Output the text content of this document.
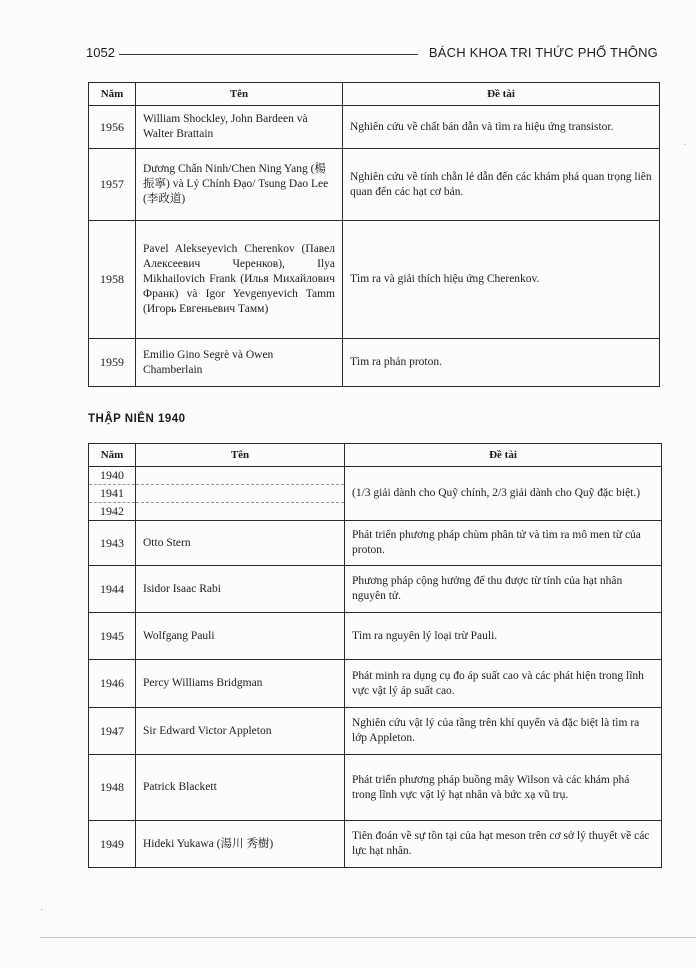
1052	BÁCH KHOA TRI THỨC PHỔ THÔNG
Năm	Tên	Đề tài
1956	William Shockley, John Bardeen và Walter Brattain	Nghiên cứu về chất bán dẫn và tìm ra hiệu ứng transistor.
1957	Dương Chấn Ninh/Chen Ning Yang (楊振寧) và Lý Chính Đạo/ Tsung Dao Lee (李政道)	Nghiên cứu về tính chẵn lẻ dẫn đến các khám phá quan trọng liên quan đến các hạt cơ bản.
1958	Pavel Alekseyevich Cherenkov (Павел Алексеевич Черенков), Ilya Mikhailovich Frank (Илья Михайлович Франк) và Igor Yevgenyevich Tamm (Игорь Евгеньевич Тамм)	Tìm ra và giải thích hiệu ứng Cherenkov.
1959	Emilio Gino Segrè và Owen Chamberlain	Tìm ra phản proton.
THẬP NIÊN 1940
Năm	Tên	Đề tài
1940		(1/3 giải dành cho Quỹ chính, 2/3 giải dành cho Quỹ đặc biệt.)
1941		
1942		
1943	Otto Stern	Phát triển phương pháp chùm phân tử và tìm ra mô men từ của proton.
1944	Isidor Isaac Rabi	Phương pháp cộng hưởng để thu được từ tính của hạt nhân nguyên tử.
1945	Wolfgang Pauli	Tìm ra nguyên lý loại trừ Pauli.
1946	Percy Williams Bridgman	Phát minh ra dụng cụ đo áp suất cao và các phát hiện trong lĩnh vực vật lý áp suất cao.
1947	Sir Edward Victor Appleton	Nghiên cứu vật lý của tầng trên khí quyển và đặc biệt là tìm ra lớp Appleton.
1948	Patrick Blackett	Phát triển phương pháp buồng mây Wilson và các khám phá trong lĩnh vực vật lý hạt nhân và bức xạ vũ trụ.
1949	Hideki Yukawa (湯川 秀樹)	Tiên đoán về sự tồn tại của hạt meson trên cơ sở lý thuyết về các lực hạt nhân.
·
·
